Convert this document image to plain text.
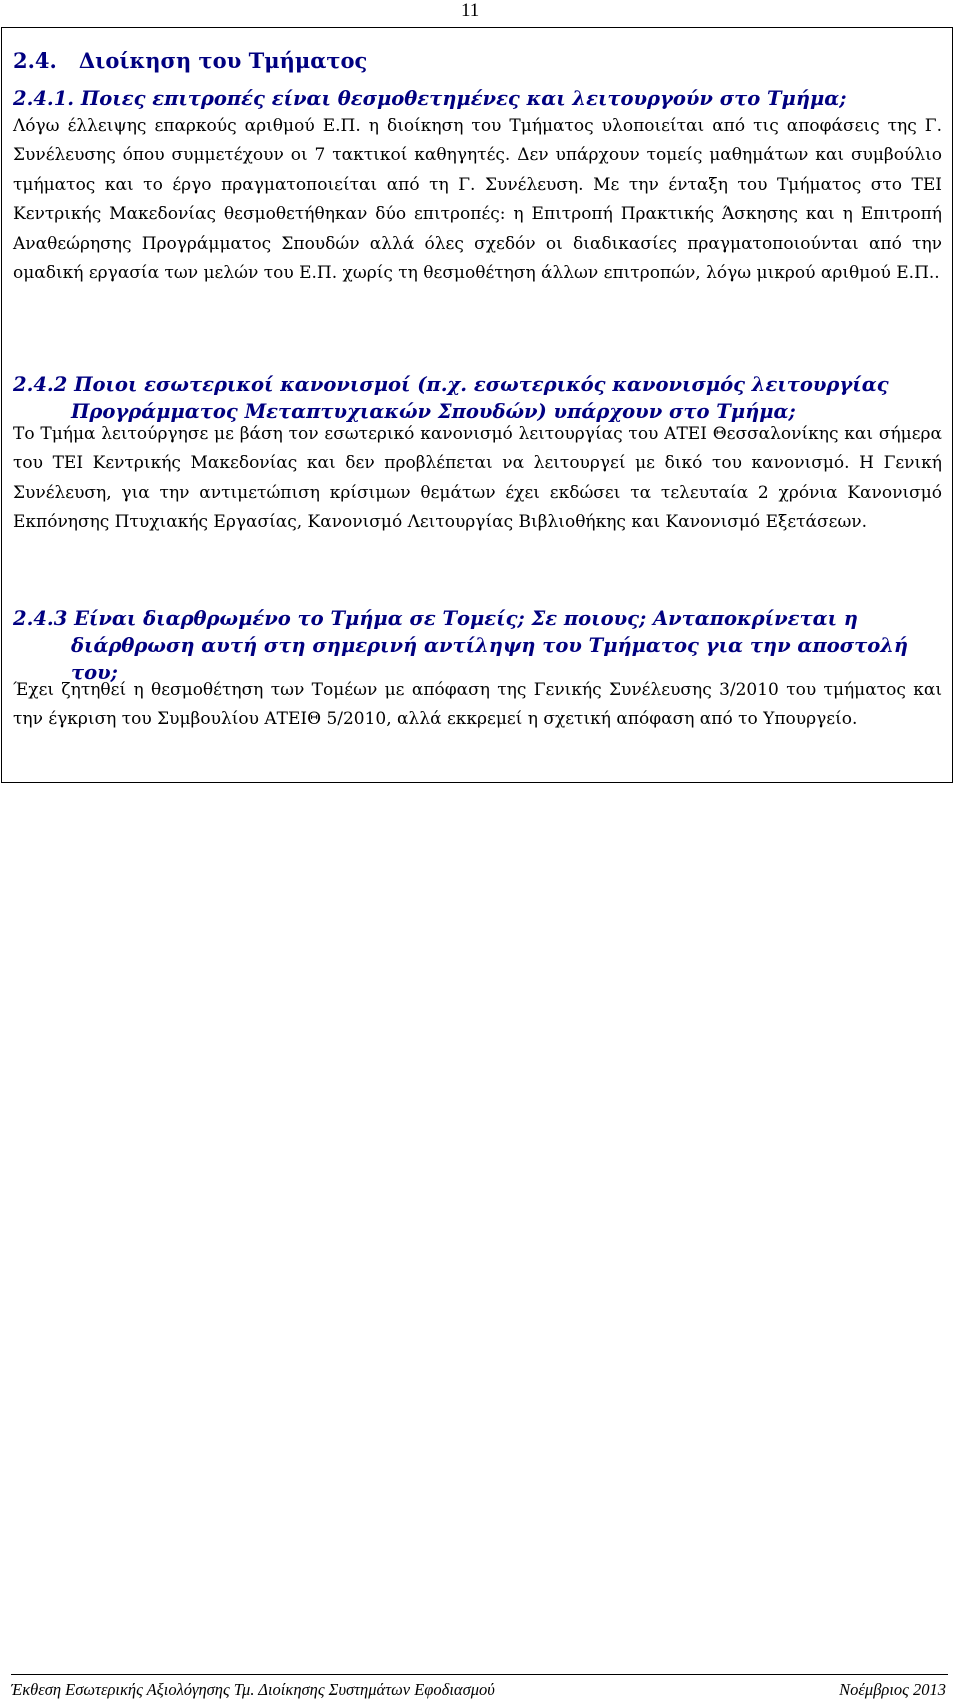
11
2.4. Διοίκηση του Τμήματος
2.4.1. Ποιες επιτροπές είναι θεσμοθετημένες και λειτουργούν στο Τμήμα;
Λόγω έλλειψης επαρκούς αριθμού Ε.Π. η διοίκηση του Τμήματος υλοποιείται από τις αποφάσεις της Γ. Συνέλευσης όπου συμμετέχουν οι 7 τακτικοί καθηγητές. Δεν υπάρχουν τομείς μαθημάτων και συμβούλιο τμήματος και το έργο πραγματοποιείται από τη Γ. Συνέλευση. Με την ένταξη του Τμήματος στο ΤΕΙ Κεντρικής Μακεδονίας θεσμοθετήθηκαν δύο επιτροπές: η Επιτροπή Πρακτικής Άσκησης και η Επιτροπή Αναθεώρησης Προγράμματος Σπουδών αλλά όλες σχεδόν οι διαδικασίες πραγματοποιούνται από την ομαδική εργασία των μελών του Ε.Π. χωρίς τη θεσμοθέτηση άλλων επιτροπών, λόγω μικρού αριθμού Ε.Π..
2.4.2 Ποιοι εσωτερικοί κανονισμοί (π.χ. εσωτερικός κανονισμός λειτουργίας
Προγράμματος Μεταπτυχιακών Σπουδών) υπάρχουν στο Τμήμα;
Το Τμήμα λειτούργησε με βάση τον εσωτερικό κανονισμό λειτουργίας του ΑΤΕΙ Θεσσαλονίκης και σήμερα του ΤΕΙ Κεντρικής Μακεδονίας και δεν προβλέπεται να λειτουργεί με δικό του κανονισμό. Η Γενική Συνέλευση, για την αντιμετώπιση κρίσιμων θεμάτων έχει εκδώσει τα τελευταία 2 χρόνια Κανονισμό Εκπόνησης Πτυχιακής Εργασίας, Κανονισμό Λειτουργίας Βιβλιοθήκης και Κανονισμό Εξετάσεων.
2.4.3 Είναι διαρθρωμένο το Τμήμα σε Τομείς; Σε ποιους; Ανταποκρίνεται η
διάρθρωση αυτή στη σημερινή αντίληψη του Τμήματος για την αποστολή
του;
Έχει ζητηθεί η θεσμοθέτηση των Τομέων με απόφαση της Γενικής Συνέλευσης 3/2010 του τμήματος και την έγκριση του Συμβουλίου ΑΤΕΙΘ 5/2010, αλλά εκκρεμεί η σχετική απόφαση από το Υπουργείο.
Έκθεση Εσωτερικής Αξιολόγησης Τμ. Διοίκησης Συστημάτων Εφοδιασμού	Νοέμβριος 2013
